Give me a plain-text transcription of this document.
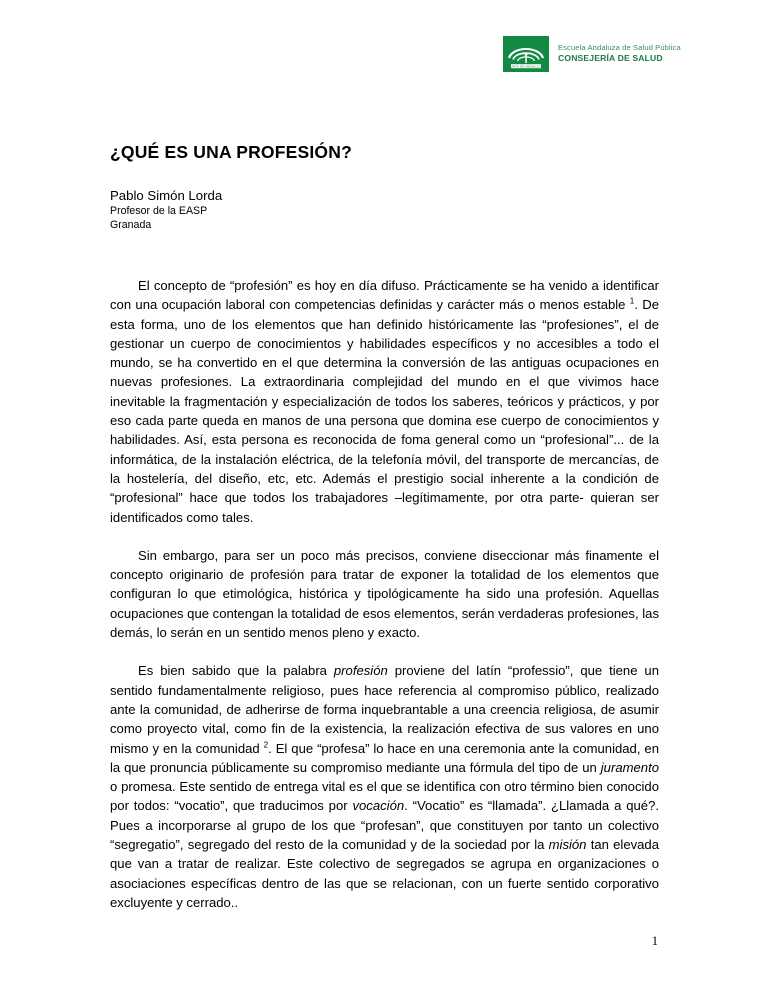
JUNTA DE ANDALUCIA
Escuela Andaluza de Salud Pública
CONSEJERÍA DE SALUD
¿QUÉ ES UNA PROFESIÓN?
Pablo Simón Lorda
Profesor de la EASP
Granada

El concepto de “profesión” es hoy en día difuso. Prácticamente se ha venido a identificar con una ocupación laboral con competencias definidas y carácter más o menos estable $^1$. De esta forma, uno de los elementos que han definido históricamente las “profesiones”, el de gestionar un cuerpo de conocimientos y habilidades específicos y no accesibles a todo el mundo, se ha convertido en el que determina la conversión de las antiguas ocupaciones en nuevas profesiones. La extraordinaria complejidad del mundo en el que vivimos hace inevitable la fragmentación y especialización de todos los saberes, teóricos y prácticos, y por eso cada parte queda en manos de una persona que domina ese cuerpo de conocimientos y habilidades. Así, esta persona es reconocida de foma general como un “profesional”... de la informática, de la instalación eléctrica, de la telefonía móvil, del transporte de mercancías, de la hostelería, del diseño, etc, etc. Además el prestigio social inherente a la condición de “profesional” hace que todos los trabajadores –legítimamente, por otra parte- quieran ser identificados como tales.

Sin embargo, para ser un poco más precisos, conviene diseccionar más finamente el concepto originario de profesión para tratar de exponer la totalidad de los elementos que configuran lo que etimológica, histórica y tipológicamente ha sido una profesión. Aquellas ocupaciones que contengan la totalidad de esos elementos, serán verdaderas profesiones, las demás, lo serán en un sentido menos pleno y exacto.

Es bien sabido que la palabra profesión proviene del latín “professio”, que tiene un sentido fundamentalmente religioso, pues hace referencia al compromiso público, realizado ante la comunidad, de adherirse de forma inquebrantable a una creencia religiosa, de asumir como proyecto vital, como fin de la existencia, la realización efectiva de sus valores en uno mismo y en la comunidad $^2$. El que “profesa” lo hace en una ceremonia ante la comunidad, en la que pronuncia públicamente su compromiso mediante una fórmula del tipo de un juramento o promesa. Este sentido de entrega vital es el que se identifica con otro término bien conocido por todos: “vocatio”, que traducimos por vocación. “Vocatio” es “llamada”. ¿Llamada a qué?. Pues a incorporarse al grupo de los que “profesan”, que constituyen por tanto un colectivo “segregatio”, segregado del resto de la comunidad y de la sociedad por la misión tan elevada que van a tratar de realizar. Este colectivo de segregados se agrupa en organizaciones o asociaciones específicas dentro de las que se relacionan, con un fuerte sentido corporativo excluyente y cerrado..

1
